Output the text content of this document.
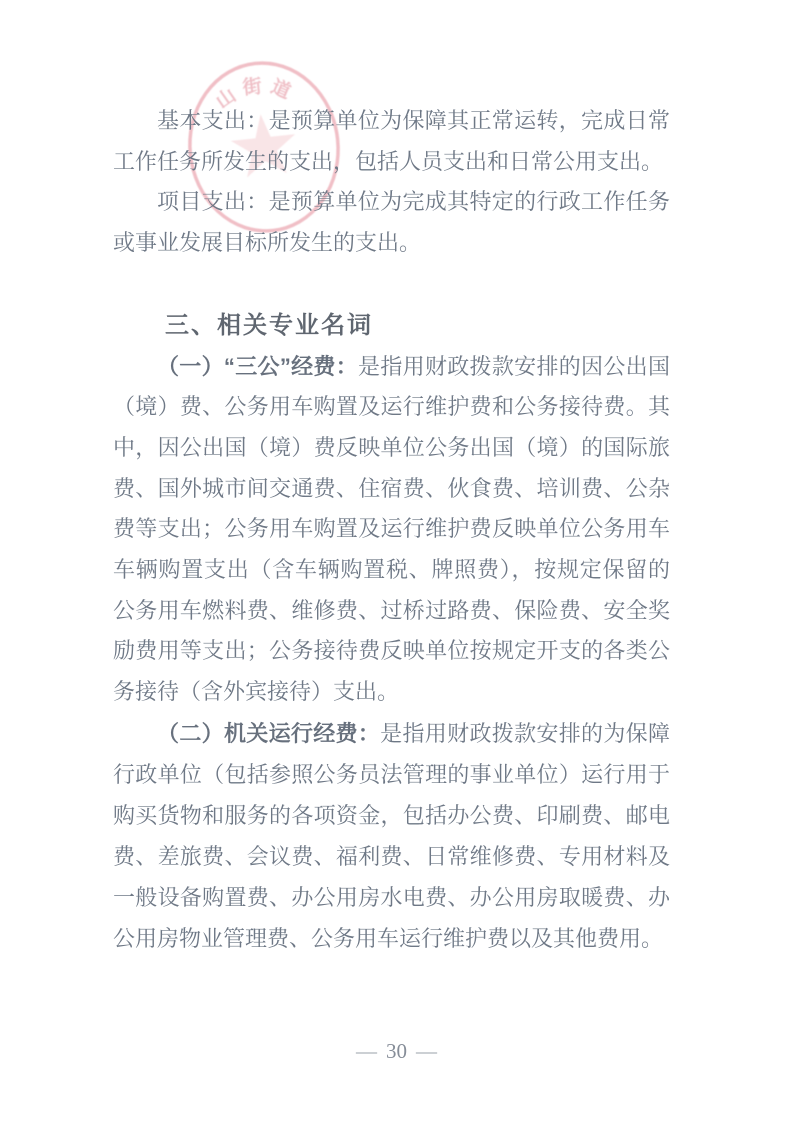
山街道

基本支出：是预算单位为保障其正常运转，完成日常工作任务所发生的支出，包括人员支出和日常公用支出。

项目支出：是预算单位为完成其特定的行政工作任务或事业发展目标所发生的支出。

三、相关专业名词

（一）“三公”经费：是指用财政拨款安排的因公出国（境）费、公务用车购置及运行维护费和公务接待费。其中，因公出国（境）费反映单位公务出国（境）的国际旅费、国外城市间交通费、住宿费、伙食费、培训费、公杂费等支出；公务用车购置及运行维护费反映单位公务用车车辆购置支出（含车辆购置税、牌照费），按规定保留的公务用车燃料费、维修费、过桥过路费、保险费、安全奖励费用等支出；公务接待费反映单位按规定开支的各类公务接待（含外宾接待）支出。

（二）机关运行经费：是指用财政拨款安排的为保障行政单位（包括参照公务员法管理的事业单位）运行用于购买货物和服务的各项资金，包括办公费、印刷费、邮电费、差旅费、会议费、福利费、日常维修费、专用材料及一般设备购置费、办公用房水电费、办公用房取暖费、办公用房物业管理费、公务用车运行维护费以及其他费用。

— 30 —
